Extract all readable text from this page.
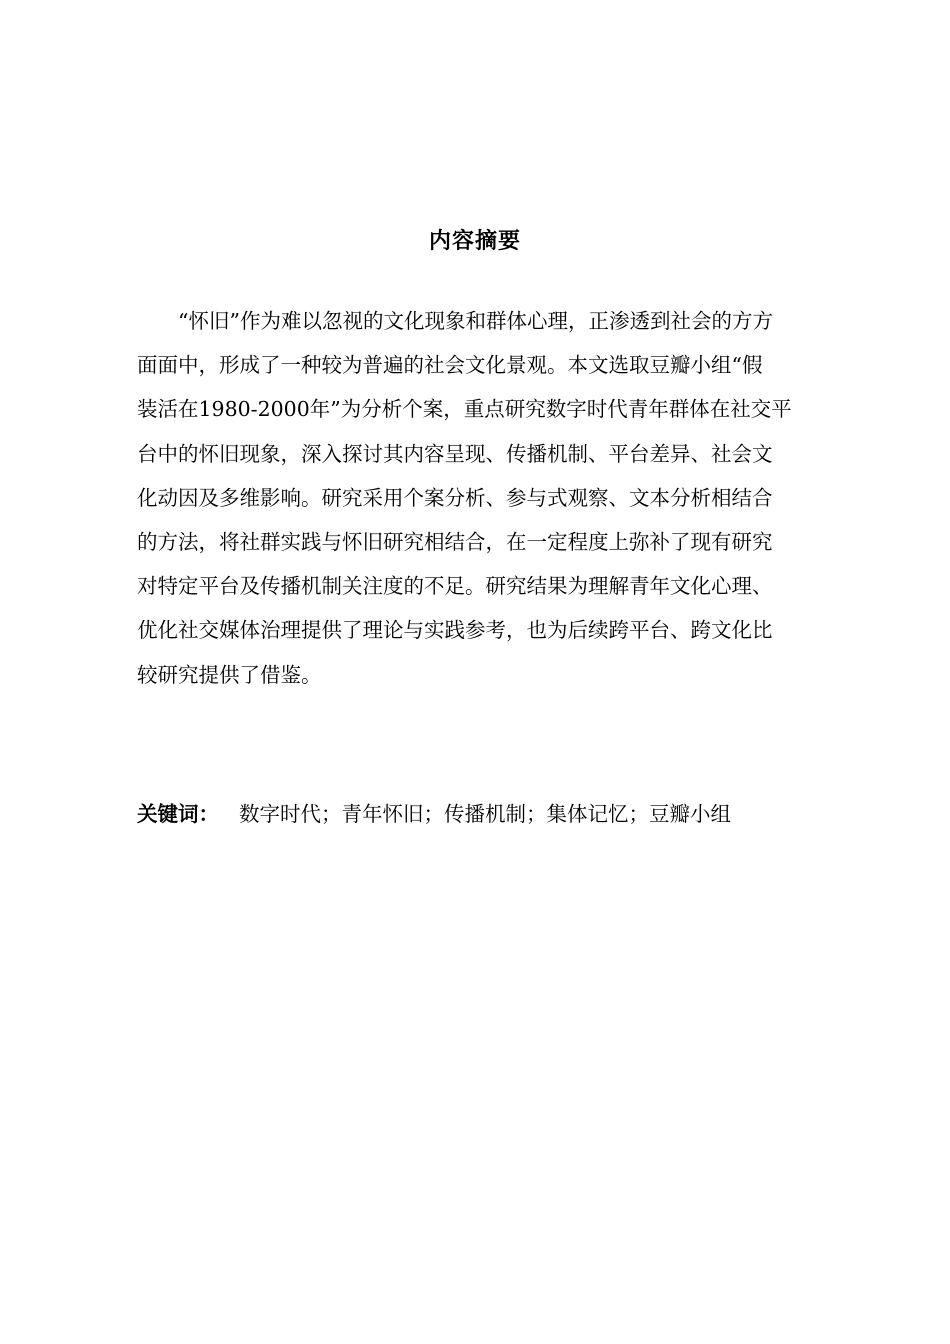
内容摘要
“怀旧”作为难以忽视的文化现象和群体心理，正渗透到社会的方方
面面中，形成了一种较为普遍的社会文化景观。本文选取豆瓣小组“假
装活在1980-2000年”为分析个案，重点研究数字时代青年群体在社交平
台中的怀旧现象，深入探讨其内容呈现、传播机制、平台差异、社会文
化动因及多维影响。研究采用个案分析、参与式观察、文本分析相结合
的方法，将社群实践与怀旧研究相结合，在一定程度上弥补了现有研究
对特定平台及传播机制关注度的不足。研究结果为理解青年文化心理、
优化社交媒体治理提供了理论与实践参考，也为后续跨平台、跨文化比
较研究提供了借鉴。
关键词： 数字时代；青年怀旧；传播机制；集体记忆；豆瓣小组
